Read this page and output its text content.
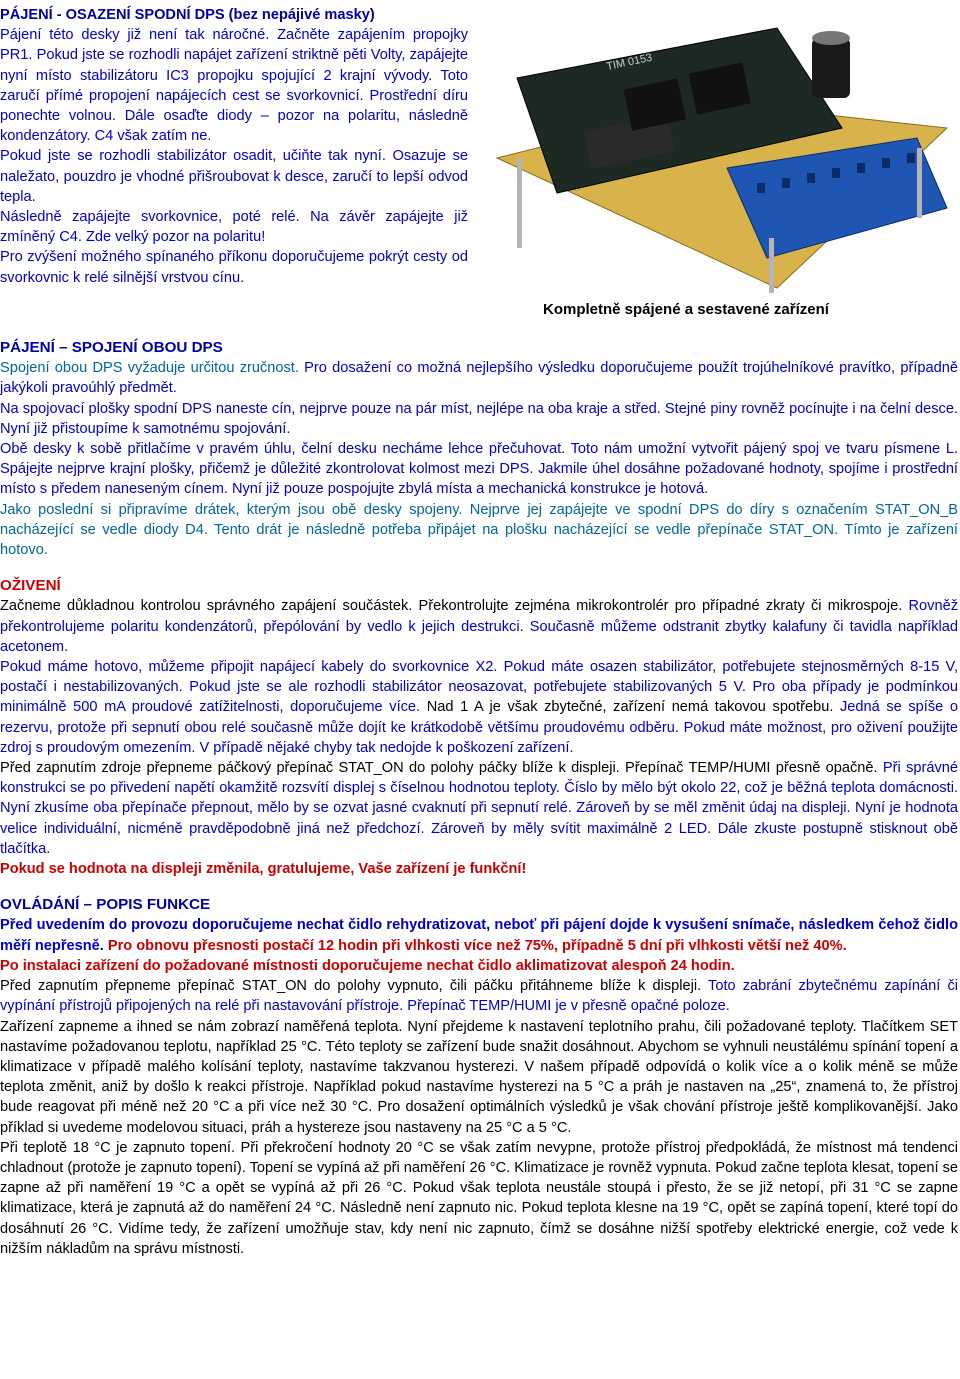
PÁJENÍ - OSAZENÍ SPODNÍ DPS (bez nepájivé masky)

Pájení této desky již není tak náročné. Začněte zapájením propojky PR1. Pokud jste se rozhodli napájet zařízení striktně pěti Volty, zapájejte nyní místo stabilizátoru IC3 propojku spojující 2 krajní vývody. Toto zaručí přímé propojení napájecích cest se svorkovnicí. Prostřední díru ponechte volnou. Dále osaďte diody – pozor na polaritu, následně kondenzátory. C4 však zatím ne.

Pokud jste se rozhodli stabilizátor osadit, učiňte tak nyní. Osazuje se naležato, pouzdro je vhodné přišroubovat k desce, zaručí to lepší odvod tepla.

Následně zapájejte svorkovnice, poté relé. Na závěr zapájejte již zmíněný C4. Zde velký pozor na polaritu!

Pro zvýšení možného spínaného příkonu doporučujeme pokrýt cesty od svorkovnic k relé silnější vrstvou cínu.

TIM 0153
Kompletně spájené a sestavené zařízení

PÁJENÍ – SPOJENÍ OBOU DPS

Spojení obou DPS vyžaduje určitou zručnost. Pro dosažení co možná nejlepšího výsledku doporučujeme použít trojúhelníkové pravítko, případně jakýkoli pravoúhlý předmět.

Na spojovací plošky spodní DPS naneste cín, nejprve pouze na pár míst, nejlépe na oba kraje a střed. Stejné piny rovněž pocínujte i na čelní desce. Nyní již přistoupíme k samotnému spojování.

Obě desky k sobě přitlačíme v pravém úhlu, čelní desku necháme lehce přečuhovat. Toto nám umožní vytvořit pájený spoj ve tvaru písmene L. Spájejte nejprve krajní plošky, přičemž je důležité zkontrolovat kolmost mezi DPS. Jakmile úhel dosáhne požadované hodnoty, spojíme i prostřední místo s předem naneseným cínem. Nyní již pouze pospojujte zbylá místa a mechanická konstrukce je hotová.

Jako poslední si připravíme drátek, kterým jsou obě desky spojeny. Nejprve jej zapájejte ve spodní DPS do díry s označením STAT_ON_B nacházející se vedle diody D4. Tento drát je následně potřeba připájet na plošku nacházející se vedle přepínače STAT_ON. Tímto je zařízení hotovo.

OŽIVENÍ

Začneme důkladnou kontrolou správného zapájení součástek. Překontrolujte zejména mikrokontrolér pro případné zkraty či mikrospoje. Rovněž překontrolujeme polaritu kondenzátorů, přepólování by vedlo k jejich destrukci. Současně můžeme odstranit zbytky kalafuny či tavidla například acetonem.

Pokud máme hotovo, můžeme připojit napájecí kabely do svorkovnice X2. Pokud máte osazen stabilizátor, potřebujete stejnosměrných 8-15 V, postačí i nestabilizovaných. Pokud jste se ale rozhodli stabilizátor neosazovat, potřebujete stabilizovaných 5 V. Pro oba případy je podmínkou minimálně 500 mA proudové zatížitelnosti, doporučujeme více. Nad 1 A je však zbytečné, zařízení nemá takovou spotřebu. Jedná se spíše o rezervu, protože při sepnutí obou relé současně může dojít ke krátkodobě většímu proudovému odběru. Pokud máte možnost, pro oživení použijte zdroj s proudovým omezením. V případě nějaké chyby tak nedojde k poškození zařízení.

Před zapnutím zdroje přepneme páčkový přepínač STAT_ON do polohy páčky blíže k displeji. Přepínač TEMP/HUMI přesně opačně. Při správné konstrukci se po přivedení napětí okamžitě rozsvítí displej s číselnou hodnotou teploty. Číslo by mělo být okolo 22, což je běžná teplota domácnosti. Nyní zkusíme oba přepínače přepnout, mělo by se ozvat jasné cvaknutí při sepnutí relé. Zároveň by se měl změnit údaj na displeji. Nyní je hodnota velice individuální, nicméně pravděpodobně jiná než předchozí. Zároveň by měly svítit maximálně 2 LED. Dále zkuste postupně stisknout obě tlačítka.

Pokud se hodnota na displeji změnila, gratulujeme, Vaše zařízení je funkční!

OVLÁDÁNÍ – POPIS FUNKCE

Před uvedením do provozu doporučujeme nechat čidlo rehydratizovat, neboť při pájení dojde k vysušení snímače, následkem čehož čidlo měří nepřesně. Pro obnovu přesnosti postačí 12 hodin při vlhkosti více než 75%, případně 5 dní při vlhkosti větší než 40%.

Po instalaci zařízení do požadované místnosti doporučujeme nechat čidlo aklimatizovat alespoň 24 hodin.

Před zapnutím přepneme přepínač STAT_ON do polohy vypnuto, čili páčku přitáhneme blíže k displeji. Toto zabrání zbytečnému zapínání či vypínání přístrojů připojených na relé při nastavování přístroje. Přepínač TEMP/HUMI je v přesně opačné poloze.

Zařízení zapneme a ihned se nám zobrazí naměřená teplota. Nyní přejdeme k nastavení teplotního prahu, čili požadované teploty. Tlačítkem SET nastavíme požadovanou teplotu, například 25 °C. Této teploty se zařízení bude snažit dosáhnout. Abychom se vyhnuli neustálému spínání topení a klimatizace v případě malého kolísání teploty, nastavíme takzvanou hysterezi. V našem případě odpovídá o kolik více a o kolik méně se může teplota změnit, aniž by došlo k reakci přístroje. Například pokud nastavíme hysterezi na 5 °C a práh je nastaven na „25“, znamená to, že přístroj bude reagovat při méně než 20 °C a při více než 30 °C. Pro dosažení optimálních výsledků je však chování přístroje ještě komplikovanější. Jako příklad si uvedeme modelovou situaci, práh a hystereze jsou nastaveny na 25 °C a 5 °C.

Při teplotě 18 °C je zapnuto topení. Při překročení hodnoty 20 °C se však zatím nevypne, protože přístroj předpokládá, že místnost má tendenci chladnout (protože je zapnuto topení). Topení se vypíná až při naměření 26 °C. Klimatizace je rovněž vypnuta. Pokud začne teplota klesat, topení se zapne až při naměření 19 °C a opět se vypíná až při 26 °C. Pokud však teplota neustále stoupá i přesto, že se již netopí, při 31 °C se zapne klimatizace, která je zapnutá až do naměření 24 °C. Následně není zapnuto nic. Pokud teplota klesne na 19 °C, opět se zapíná topení, které topí do dosáhnutí 26 °C. Vidíme tedy, že zařízení umožňuje stav, kdy není nic zapnuto, čímž se dosáhne nižší spotřeby elektrické energie, což vede k nižším nákladům na správu místnosti.
